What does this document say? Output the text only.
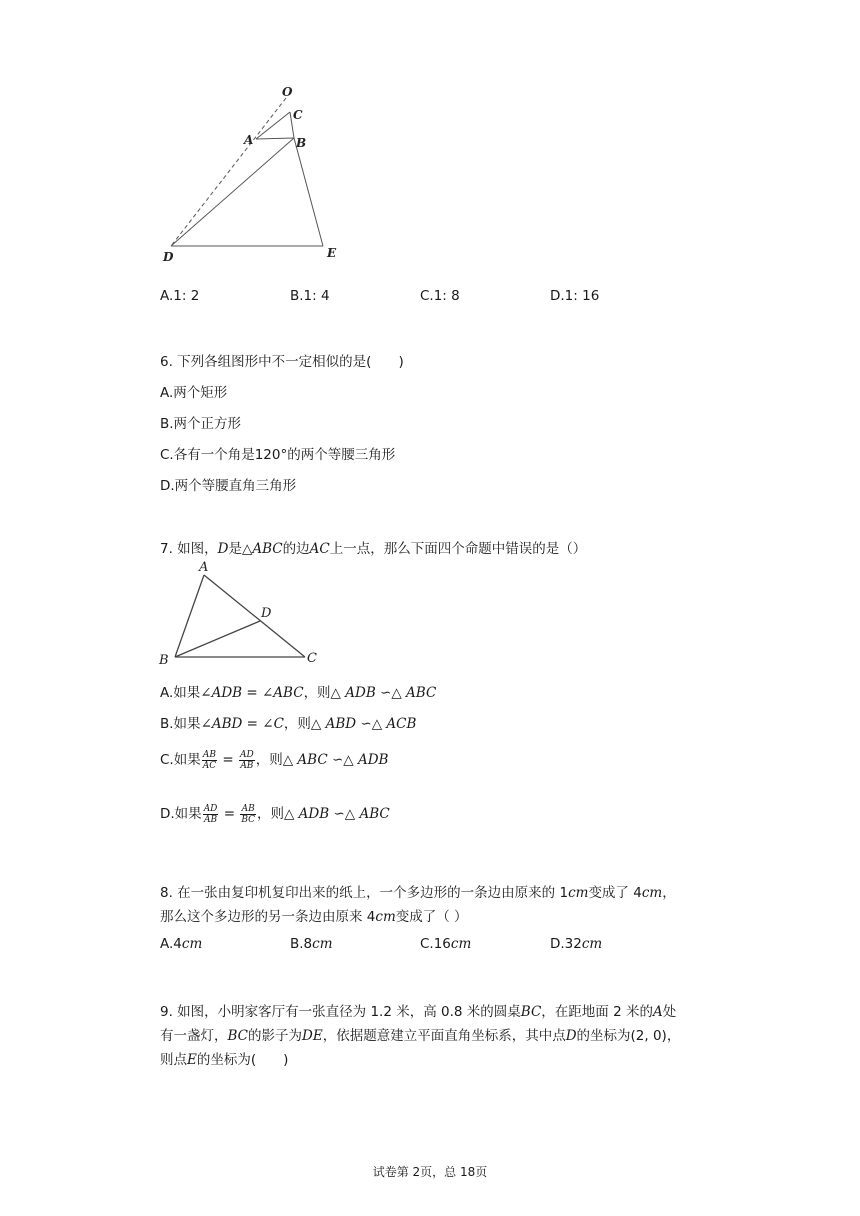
O
C
A	B
D	E
A.1: 2	B.1: 4	C.1: 8	D.1: 16
6. 下列各组图形中不一定相似的是(　　)
A.两个矩形
B.两个正方形
C.各有一个角是120°的两个等腰三角形
D.两个等腰直角三角形
7. 如图，D是△ABC的边AC上一点，那么下面四个命题中错误的是（）
A
D
B	C
A.如果∠ADB = ∠ABC，则△ ADB ∽△ ABC
B.如果∠ABD = ∠C，则△ ABD ∽△ ACB
C.如果 $\frac{AB}{AC} = \frac{AD}{AB}$ ，则△ ABC ∽△ ADB
D.如果 $\frac{AD}{AB} = \frac{AB}{BC}$ ，则△ ADB ∽△ ABC
8. 在一张由复印机复印出来的纸上，一个多边形的一条边由原来的 1cm变成了 4cm，
那么这个多边形的另一条边由原来 4cm变成了（ ）
A.4cm	B.8cm	C.16cm	D.32cm
9. 如图，小明家客厅有一张直径为 1.2 米，高 0.8 米的圆桌BC，在距地面 2 米的A处
有一盏灯，BC的影子为DE，依据题意建立平面直角坐标系，其中点D的坐标为(2, 0)，
则点E的坐标为(　　)
试卷第 2页，总 18页
